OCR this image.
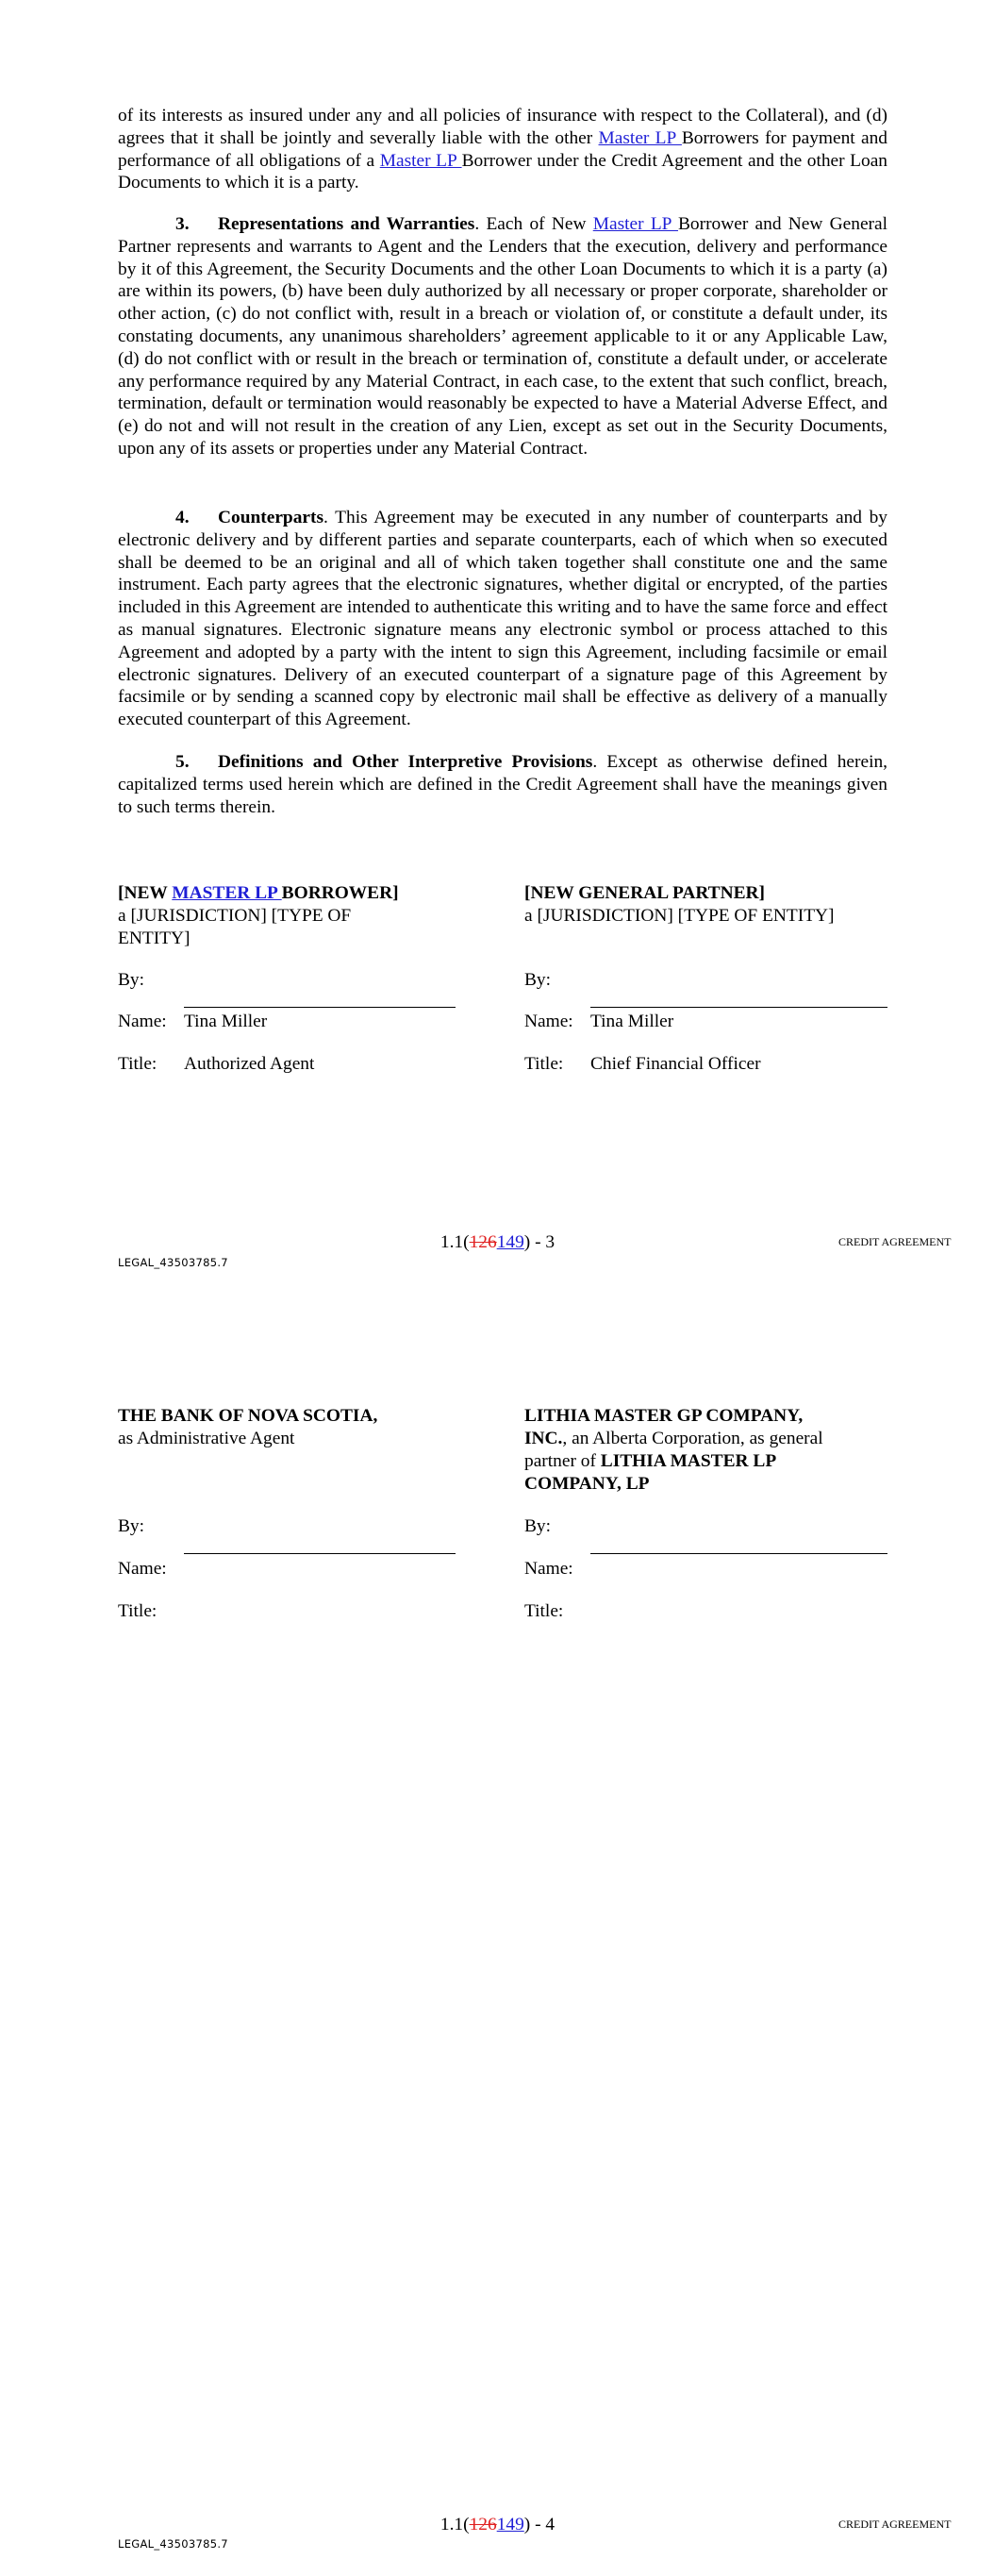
of its interests as insured under any and all policies of insurance with respect to the Collateral), and (d) agrees that it shall be jointly and severally liable with the other Master LP Borrowers for payment and performance of all obligations of a Master LP Borrower under the Credit Agreement and the other Loan Documents to which it is a party.

3. Representations and Warranties. Each of New Master LP Borrower and New General Partner represents and warrants to Agent and the Lenders that the execution, delivery and performance by it of this Agreement, the Security Documents and the other Loan Documents to which it is a party (a) are within its powers, (b) have been duly authorized by all necessary or proper corporate, shareholder or other action, (c) do not conflict with, result in a breach or violation of, or constitute a default under, its constating documents, any unanimous shareholders’ agreement applicable to it or any Applicable Law, (d) do not conflict with or result in the breach or termination of, constitute a default under, or accelerate any performance required by any Material Contract, in each case, to the extent that such conflict, breach, termination, default or termination would reasonably be expected to have a Material Adverse Effect, and (e) do not and will not result in the creation of any Lien, except as set out in the Security Documents, upon any of its assets or properties under any Material Contract.

4. Counterparts. This Agreement may be executed in any number of counterparts and by electronic delivery and by different parties and separate counterparts, each of which when so executed shall be deemed to be an original and all of which taken together shall constitute one and the same instrument. Each party agrees that the electronic signatures, whether digital or encrypted, of the parties included in this Agreement are intended to authenticate this writing and to have the same force and effect as manual signatures. Electronic signature means any electronic symbol or process attached to this Agreement and adopted by a party with the intent to sign this Agreement, including facsimile or email electronic signatures. Delivery of an executed counterpart of a signature page of this Agreement by facsimile or by sending a scanned copy by electronic mail shall be effective as delivery of a manually executed counterpart of this Agreement.

5. Definitions and Other Interpretive Provisions. Except as otherwise defined herein, capitalized terms used herein which are defined in the Credit Agreement shall have the meanings given to such terms therein.

[NEW MASTER LP BORROWER]
a [JURISDICTION] [TYPE OF
ENTITY]
By:
Name: Tina Miller
Title: Authorized Agent
[NEW GENERAL PARTNER]
a [JURISDICTION] [TYPE OF ENTITY]
By:
Name: Tina Miller
Title: Chief Financial Officer
1.1(126149) - 3	CREDIT AGREEMENT
LEGAL_43503785.7
THE BANK OF NOVA SCOTIA,
as Administrative Agent
By:
Name:
Title:
LITHIA MASTER GP COMPANY,
INC., an Alberta Corporation, as general
partner of LITHIA MASTER LP
COMPANY, LP
By:
Name:
Title:
1.1(126149) - 4	CREDIT AGREEMENT
LEGAL_43503785.7
